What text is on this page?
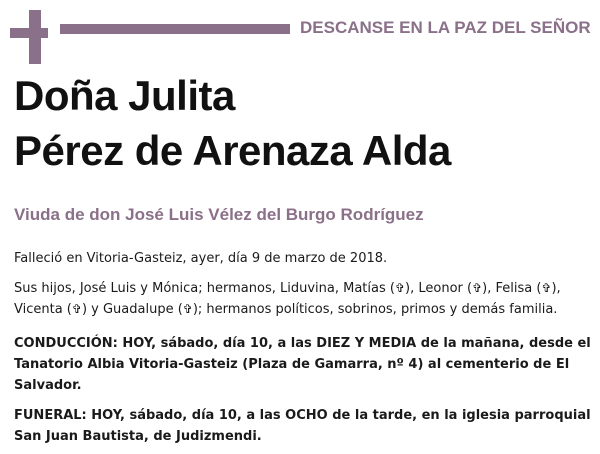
DESCANSE EN LA PAZ DEL SEÑOR
Doña Julita
Pérez de Arenaza Alda
Viuda de don José Luis Vélez del Burgo Rodríguez
Falleció en Vitoria-Gasteiz, ayer, día 9 de marzo de 2018.
Sus hijos, José Luis y Mónica; hermanos, Liduvina, Matías (✞), Leonor (✞), Felisa (✞),
Vicenta (✞) y Guadalupe (✞); hermanos políticos, sobrinos, primos y demás familia.
CONDUCCIÓN: HOY, sábado, día 10, a las DIEZ Y MEDIA de la mañana, desde el Tanatorio Albia Vitoria-Gasteiz (Plaza de Gamarra, nº 4) al cementerio de El Salvador.
FUNERAL: HOY, sábado, día 10, a las OCHO de la tarde, en la iglesia parroquial San Juan Bautista, de Judizmendi.
